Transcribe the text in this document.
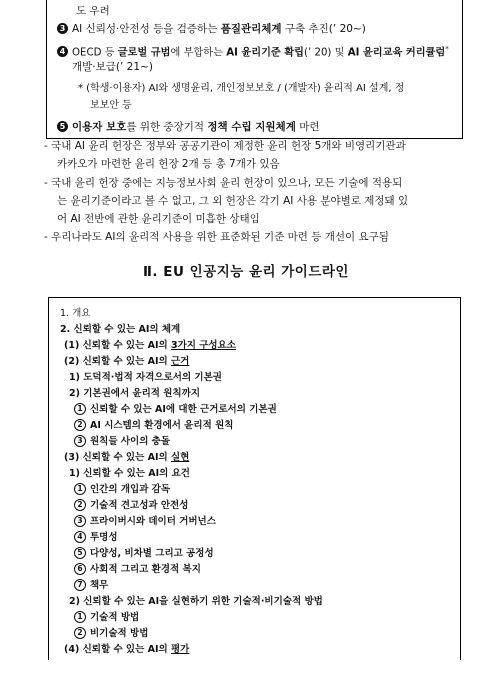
도 우려
3 AI 신뢰성·안전성 등을 검증하는 품질관리체계 구축 추진(’ 20~)
4 OECD 등 글로벌 규범에 부합하는 AI 윤리기준 확립(’ 20) 및 AI 윤리교육 커리큘럼*
개발·보급(’ 21~)
* (학생·이용자) AI와 생명윤리, 개인정보보호 / (개발자) 윤리적 AI 설계, 정
보보안 등
5 이용자 보호를 위한 중장기적 정책 수립 지원체계 마련
- 국내 AI 윤리 헌장은 정부와 공공기관이 제정한 윤리 헌장 5개와 비영리기관과
카카오가 마련한 윤리 헌장 2개 등 총 7개가 있음
- 국내 윤리 헌장 중에는 지능정보사회 윤리 헌장이 있으나, 모든 기술에 적용되
는 윤리기준이라고 볼 수 없고, 그 외 헌장은 각기 AI 사용 분야별로 제정돼 있
어 AI 전반에 관한 윤리기준이 미흡한 상태임
- 우리나라도 AI의 윤리적 사용을 위한 표준화된 기준 마련 등 개선이 요구됨
Ⅱ. EU 인공지능 윤리 가이드라인
1. 개요
2. 신뢰할 수 있는 AI의 체계
(1) 신뢰할 수 있는 AI의 3가지 구성요소
(2) 신뢰할 수 있는 AI의 근거
1) 도덕적·법적 자격으로서의 기본권
2) 기본권에서 윤리적 원칙까지
1 신뢰할 수 있는 AI에 대한 근거로서의 기본권
2 AI 시스템의 환경에서 윤리적 원칙
3 원칙들 사이의 충돌
(3) 신뢰할 수 있는 AI의 실현
1) 신뢰할 수 있는 AI의 요건
1 인간의 개입과 감독
2 기술적 견고성과 안전성
3 프라이버시와 데이터 거버넌스
4 투명성
5 다양성, 비차별 그리고 공정성
6 사회적 그리고 환경적 복지
7 책무
2) 신뢰할 수 있는 AI을 실현하기 위한 기술적·비기술적 방법
1 기술적 방법
2 비기술적 방법
(4) 신뢰할 수 있는 AI의 평가
